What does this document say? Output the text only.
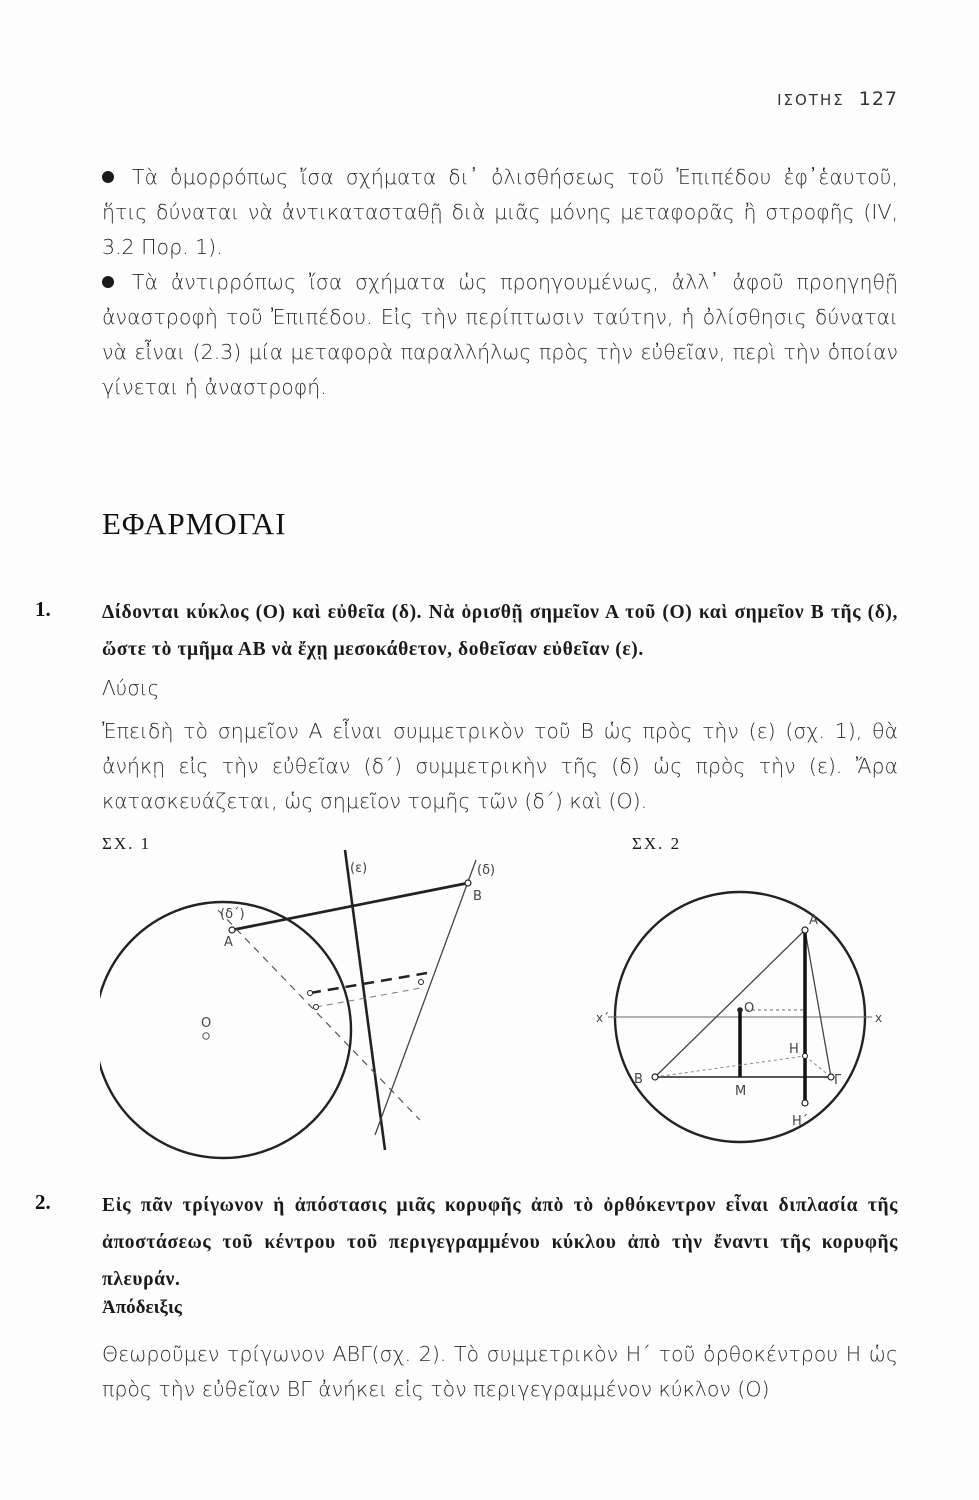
ΙΣΟΤΗΣ 127
Τὰ ὁμορρόπως ἴσα σχήματα δι᾽ ὀλισθήσεως τοῦ Ἐπιπέδου ἐφ᾽ἑαυτοῦ, ἥτις δύναται νὰ ἀντικατασταθῇ διὰ μιᾶς μόνης μεταφορᾶς ἢ στροφῆς (IV, 3.2 Πορ. 1).
Τὰ ἀντιρρόπως ἴσα σχήματα ὡς προηγουμένως, ἀλλ᾽ ἀφοῦ προηγηθῇ ἀναστροφὴ τοῦ Ἐπιπέδου. Εἰς τὴν περίπτωσιν ταύτην, ἡ ὀλίσθησις δύναται νὰ εἶναι (2.3) μία μεταφορὰ παραλλήλως πρὸς τὴν εὐθεῖαν, περὶ τὴν ὁποίαν γίνεται ἡ ἀναστροφή.
ΕΦΑΡΜΟΓΑΙ
1.	Δίδονται κύκλος (Ο) καὶ εὐθεῖα (δ). Νὰ ὁρισθῇ σημεῖον Α τοῦ (Ο) καὶ σημεῖον Β τῆς (δ), ὥστε τὸ τμῆμα ΑΒ νὰ ἔχῃ μεσοκάθετον, δοθεῖσαν εὐθεῖαν (ε).
Λύσις
Ἐπειδὴ τὸ σημεῖον Α εἶναι συμμετρικὸν τοῦ Β ὡς πρὸς τὴν (ε) (σχ. 1), θὰ ἀνήκῃ εἰς τὴν εὐθεῖαν (δ΄) συμμετρικὴν τῆς (δ) ὡς πρὸς τὴν (ε). Ἄρα κατασκευάζεται, ὡς σημεῖον τομῆς τῶν (δ΄) καὶ (Ο).
ΣΧ. 1	ΣΧ. 2
(ε)	(δ)
Β
(δ΄)
Α
Ο
Α
Β	Γ
Ο
Η
Η΄
Μ
x΄	x
2.	Εἰς πᾶν τρίγωνον ἡ ἀπόστασις μιᾶς κορυφῆς ἀπὸ τὸ ὀρθόκεντρον εἶναι διπλασία τῆς ἀποστάσεως τοῦ κέντρου τοῦ περιγεγραμμένου κύκλου ἀπὸ τὴν ἔναντι τῆς κορυφῆς πλευράν.
Ἀπόδειξις
Θεωροῦμεν τρίγωνον ΑΒΓ(σχ. 2). Τὸ συμμετρικὸν Η΄ τοῦ ὀρθοκέντρου Η ὡς πρὸς τὴν εὐθεῖαν ΒΓ ἀνήκει εἰς τὸν περιγεγραμμένον κύκλον (Ο)
